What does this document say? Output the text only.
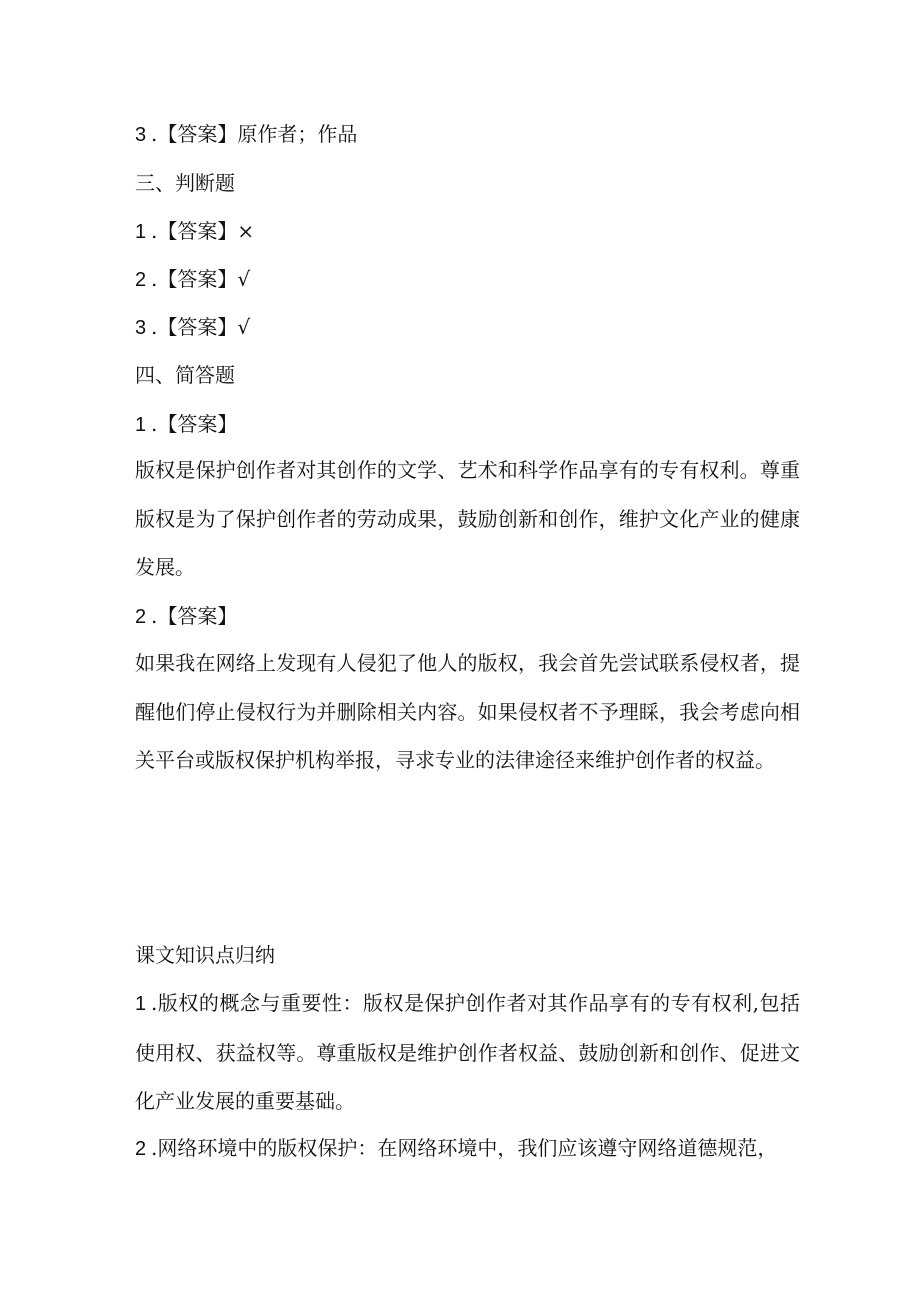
3 .【答案】原作者；作品
三、判断题
1 .【答案】×
2 .【答案】√
3 .【答案】√
四、简答题
1 .【答案】
版权是保护创作者对其创作的文学、艺术和科学作品享有的专有权利。尊重版权是为了保护创作者的劳动成果，鼓励创新和创作，维护文化产业的健康发展。
2 .【答案】
如果我在网络上发现有人侵犯了他人的版权，我会首先尝试联系侵权者，提醒他们停止侵权行为并删除相关内容。如果侵权者不予理睬，我会考虑向相关平台或版权保护机构举报，寻求专业的法律途径来维护创作者的权益。
课文知识点归纳
1 .版权的概念与重要性：版权是保护创作者对其作品享有的专有权利,包括使用权、获益权等。尊重版权是维护创作者权益、鼓励创新和创作、促进文化产业发展的重要基础。
2 .网络环境中的版权保护：在网络环境中，我们应该遵守网络道德规范，
